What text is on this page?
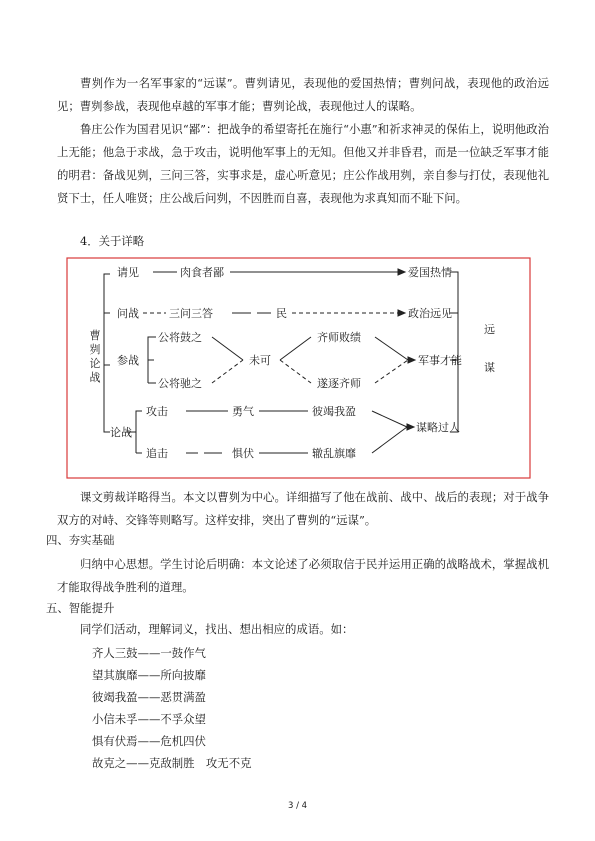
曹刿作为一名军事家的“远谋”。曹刿请见，表现他的爱国热情；曹刿问战，表现他的政治远见；曹刿参战，表现他卓越的军事才能；曹刿论战，表现他过人的谋略。

鲁庄公作为国君见识“鄙”：把战争的希望寄托在施行“小惠”和祈求神灵的保佑上，说明他政治上无能；他急于求战，急于攻击，说明他军事上的无知。但他又并非昏君，而是一位缺乏军事才能的明君：备战见刿，三问三答，实事求是，虚心听意见；庄公作战用刿，亲自参与打仗，表现他礼贤下士，任人唯贤；庄公战后问刿，不因胜而自喜，表现他为求真知而不耻下问。

4．关于详略

曹
刿
论
战
请见
问战
参战
论战
肉食者鄙
三问三答	民
公将鼓之
公将驰之
未可
齐师败绩
遂逐齐师
攻击	勇气	彼竭我盈
追击	惧伏	辙乱旗靡
爱国热情
政治远见
军事才能
谋略过人
远
谋

课文剪裁详略得当。本文以曹刿为中心。详细描写了他在战前、战中、战后的表现；对于战争双方的对峙、交锋等则略写。这样安排，突出了曹刿的“远谋”。

四、夯实基础

归纳中心思想。学生讨论后明确：本文论述了必须取信于民并运用正确的战略战术，掌握战机才能取得战争胜利的道理。

五、智能提升

同学们活动，理解词义，找出、想出相应的成语。如：

齐人三鼓——一鼓作气

望其旗靡——所向披靡

彼竭我盈——恶贯满盈

小信未孚——不孚众望

惧有伏焉——危机四伏

故克之——克敌制胜　攻无不克

3 / 4
